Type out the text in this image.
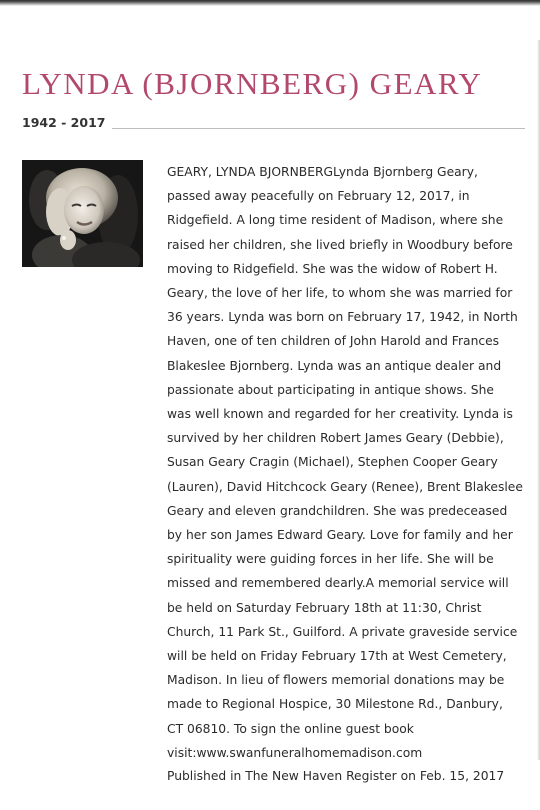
LYNDA (BJORNBERG) GEARY
1942 - 2017
GEARY, LYNDA BJORNBERGLynda Bjornberg Geary,
passed away peacefully on February 12, 2017, in
Ridgefield. A long time resident of Madison, where she
raised her children, she lived briefly in Woodbury before
moving to Ridgefield. She was the widow of Robert H.
Geary, the love of her life, to whom she was married for
36 years. Lynda was born on February 17, 1942, in North
Haven, one of ten children of John Harold and Frances
Blakeslee Bjornberg. Lynda was an antique dealer and
passionate about participating in antique shows. She
was well known and regarded for her creativity. Lynda is
survived by her children Robert James Geary (Debbie),
Susan Geary Cragin (Michael), Stephen Cooper Geary
(Lauren), David Hitchcock Geary (Renee), Brent Blakeslee
Geary and eleven grandchildren. She was predeceased
by her son James Edward Geary. Love for family and her
spirituality were guiding forces in her life. She will be
missed and remembered dearly.A memorial service will
be held on Saturday February 18th at 11:30, Christ
Church, 11 Park St., Guilford. A private graveside service
will be held on Friday February 17th at West Cemetery,
Madison. In lieu of flowers memorial donations may be
made to Regional Hospice, 30 Milestone Rd., Danbury,
CT 06810. To sign the online guest book
visit:www.swanfuneralhomemadison.com
Published in The New Haven Register on Feb. 15, 2017
